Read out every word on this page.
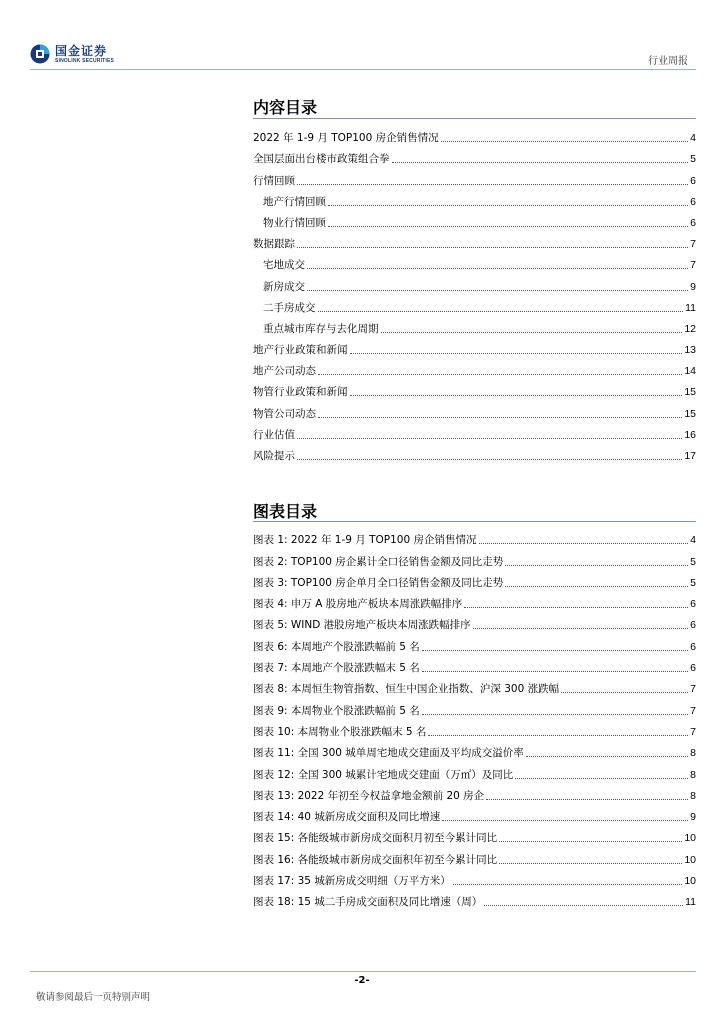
国金证券
SINOLINK SECURITIES	行业周报
内容目录
2022 年 1-9 月 TOP100 房企销售情况	4
全国层面出台楼市政策组合拳	5
行情回顾	6
地产行情回顾	6
物业行情回顾	6
数据跟踪	7
宅地成交	7
新房成交	9
二手房成交	11
重点城市库存与去化周期	12
地产行业政策和新闻	13
地产公司动态	14
物管行业政策和新闻	15
物管公司动态	15
行业估值	16
风险提示	17
图表目录
图表 1: 2022 年 1-9 月 TOP100 房企销售情况	4
图表 2: TOP100 房企累计全口径销售金额及同比走势	5
图表 3: TOP100 房企单月全口径销售金额及同比走势	5
图表 4: 申万 A 股房地产板块本周涨跌幅排序	6
图表 5: WIND 港股房地产板块本周涨跌幅排序	6
图表 6: 本周地产个股涨跌幅前 5 名	6
图表 7: 本周地产个股涨跌幅末 5 名	6
图表 8: 本周恒生物管指数、恒生中国企业指数、沪深 300 涨跌幅	7
图表 9: 本周物业个股涨跌幅前 5 名	7
图表 10: 本周物业个股涨跌幅末 5 名	7
图表 11: 全国 300 城单周宅地成交建面及平均成交溢价率	8
图表 12: 全国 300 城累计宅地成交建面（万㎡）及同比	8
图表 13: 2022 年初至今权益拿地金额前 20 房企	8
图表 14: 40 城新房成交面积及同比增速	9
图表 15: 各能级城市新房成交面积月初至今累计同比	10
图表 16: 各能级城市新房成交面积年初至今累计同比	10
图表 17: 35 城新房成交明细（万平方米）	10
图表 18: 15 城二手房成交面积及同比增速（周）	11
-2-
敬请参阅最后一页特别声明
